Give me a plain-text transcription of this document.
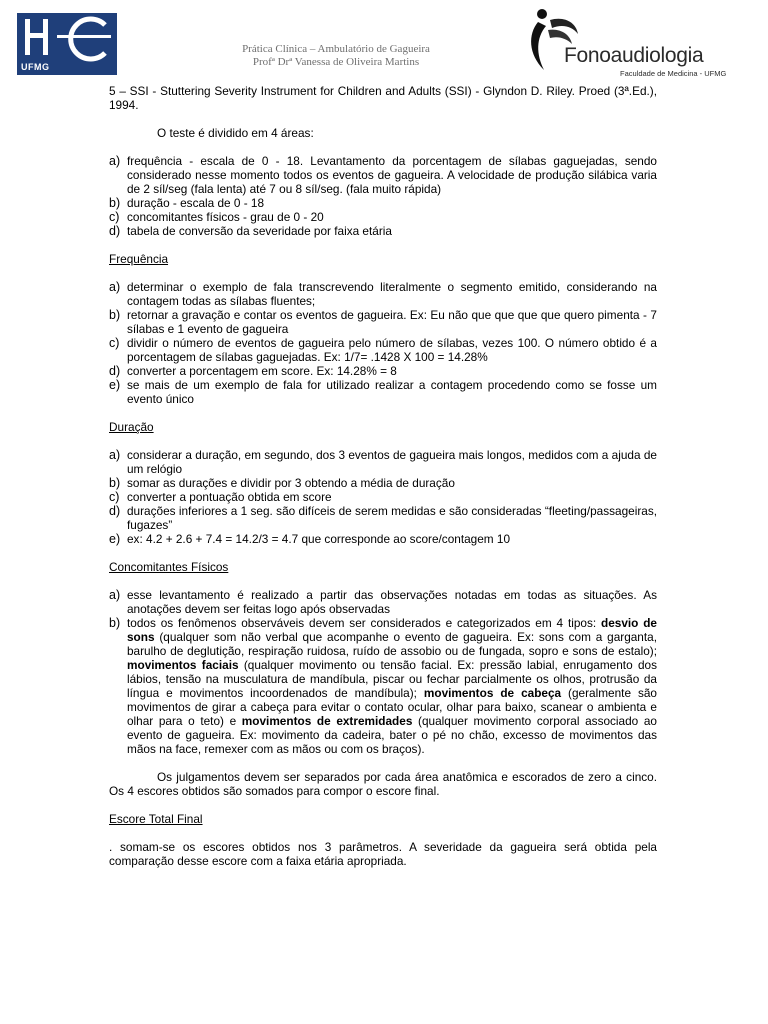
UFMG
Prática Clínica – Ambulatório de Gagueira
Profª Drª Vanessa de Oliveira Martins	Fonoaudiologia
Faculdade de Medicina - UFMG

5 – SSI - Stuttering Severity Instrument for Children and Adults (SSI) - Glyndon D. Riley. Proed (3ª.Ed.), 1994.

O teste é dividido em 4 áreas:

a) frequência - escala de 0 - 18. Levantamento da porcentagem de sílabas gaguejadas, sendo considerado nesse momento todos os eventos de gagueira. A velocidade de produção silábica varia de 2 síl/seg (fala lenta) até 7 ou 8 síl/seg. (fala muito rápida)
b) duração - escala de 0 - 18
c) concomitantes físicos - grau de 0 - 20
d) tabela de conversão da severidade por faixa etária

Frequência

a) determinar o exemplo de fala transcrevendo literalmente o segmento emitido, considerando na contagem todas as sílabas fluentes;
b) retornar a gravação e contar os eventos de gagueira. Ex: Eu não que que que que quero pimenta - 7 sílabas e 1 evento de gagueira
c) dividir o número de eventos de gagueira pelo número de sílabas, vezes 100. O número obtido é a porcentagem de sílabas gaguejadas. Ex: 1/7= .1428 X 100 = 14.28%
d) converter a porcentagem em score. Ex: 14.28% = 8
e) se mais de um exemplo de fala for utilizado realizar a contagem procedendo como se fosse um evento único

Duração

a) considerar a duração, em segundo, dos 3 eventos de gagueira mais longos, medidos com a ajuda de um relógio
b) somar as durações e dividir por 3 obtendo a média de duração
c) converter a pontuação obtida em score
d) durações inferiores a 1 seg. são difíceis de serem medidas e são consideradas “fleeting/passageiras, fugazes”
e) ex: 4.2 + 2.6 + 7.4 = 14.2/3 = 4.7 que corresponde ao score/contagem 10

Concomitantes Físicos

a) esse levantamento é realizado a partir das observações notadas em todas as situações. As anotações devem ser feitas logo após observadas
b) todos os fenômenos observáveis devem ser considerados e categorizados em 4 tipos: desvio de sons (qualquer som não verbal que acompanhe o evento de gagueira. Ex: sons com a garganta, barulho de deglutição, respiração ruidosa, ruído de assobio ou de fungada, sopro e sons de estalo); movimentos faciais (qualquer movimento ou tensão facial. Ex: pressão labial, enrugamento dos lábios, tensão na musculatura de mandíbula, piscar ou fechar parcialmente os olhos, protrusão da língua e movimentos incoordenados de mandíbula); movimentos de cabeça (geralmente são movimentos de girar a cabeça para evitar o contato ocular, olhar para baixo, scanear o ambienta e olhar para o teto) e movimentos de extremidades (qualquer movimento corporal associado ao evento de gagueira. Ex: movimento da cadeira, bater o pé no chão, excesso de movimentos das mãos na face, remexer com as mãos ou com os braços).

Os julgamentos devem ser separados por cada área anatômica e escorados de zero a cinco. Os 4 escores obtidos são somados para compor o escore final.

Escore Total Final

. somam-se os escores obtidos nos 3 parâmetros. A severidade da gagueira será obtida pela comparação desse escore com a faixa etária apropriada.
